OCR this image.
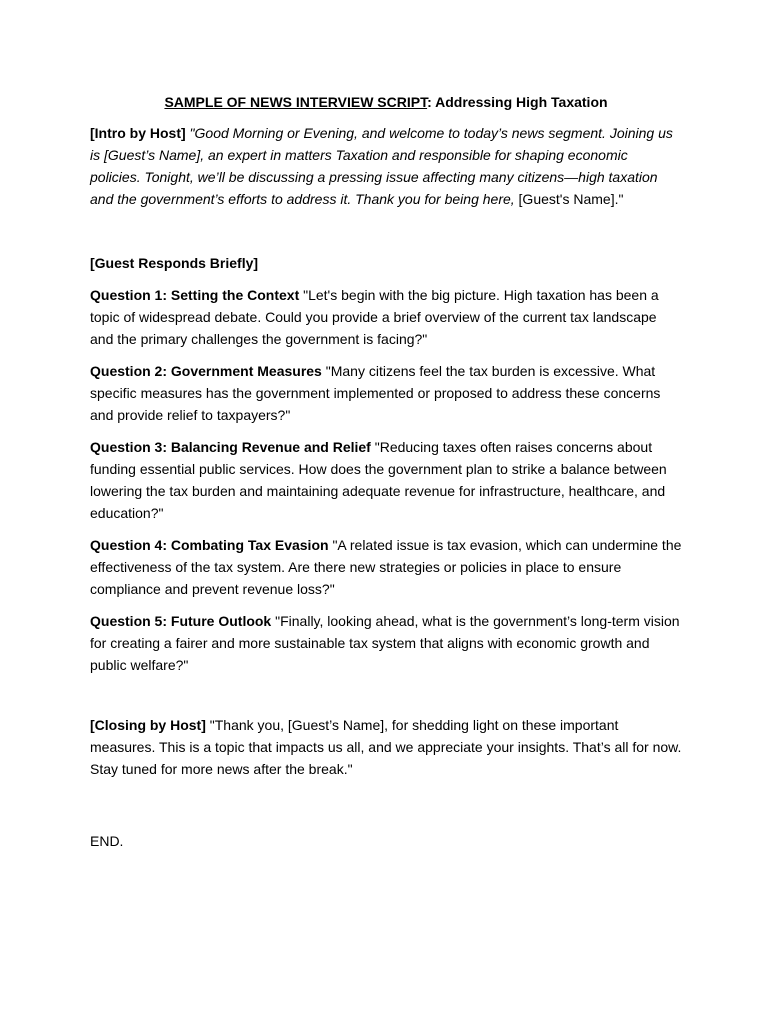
SAMPLE OF NEWS INTERVIEW SCRIPT: Addressing High Taxation

[Intro by Host] "Good Morning or Evening, and welcome to today’s news segment. Joining us is [Guest’s Name], an expert in matters Taxation and responsible for shaping economic policies. Tonight, we’ll be discussing a pressing issue affecting many citizens—high taxation and the government’s efforts to address it. Thank you for being here, [Guest's Name]."

[Guest Responds Briefly]

Question 1: Setting the Context "Let's begin with the big picture. High taxation has been a topic of widespread debate. Could you provide a brief overview of the current tax landscape and the primary challenges the government is facing?"

Question 2: Government Measures "Many citizens feel the tax burden is excessive. What specific measures has the government implemented or proposed to address these concerns and provide relief to taxpayers?"

Question 3: Balancing Revenue and Relief "Reducing taxes often raises concerns about funding essential public services. How does the government plan to strike a balance between lowering the tax burden and maintaining adequate revenue for infrastructure, healthcare, and education?"

Question 4: Combating Tax Evasion "A related issue is tax evasion, which can undermine the effectiveness of the tax system. Are there new strategies or policies in place to ensure compliance and prevent revenue loss?"

Question 5: Future Outlook "Finally, looking ahead, what is the government’s long-term vision for creating a fairer and more sustainable tax system that aligns with economic growth and public welfare?"

[Closing by Host] "Thank you, [Guest’s Name], for shedding light on these important measures. This is a topic that impacts us all, and we appreciate your insights. That’s all for now. Stay tuned for more news after the break."

END.
